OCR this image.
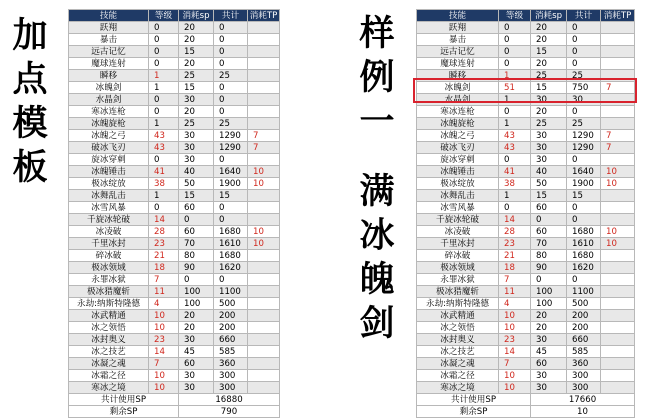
加
点
模
板
样
例
一
满
冰
魄
剑
技能	等级	消耗sp	共计	消耗TP
跃翔	0	20	0	
暴击	0	20	0	
远古记忆	0	15	0	
魔球连射	0	20	0	
瞬移	1	25	25	
冰魄剑	1	15	0	
水晶剑	0	30	0	
寒冰连枪	0	20	0	
冰魄旋枪	1	25	25	
冰魄之弓	43	30	1290	7
破冰飞刃	43	30	1290	7
旋冰穿刺	0	30	0	
冰魄锤击	41	40	1640	10
极冰绽放	38	50	1900	10
冰舞乱击	1	15	15	
冰雪风暴	0	60	0	
千旋冰轮破	14	0	0	
冰凌破	28	60	1680	10
千里冰封	23	70	1610	10
碎冰破	21	80	1680	
极冰领域	18	90	1620	
永罪冰狱	7	0	0	
极冰猎魔斩	11	100	1100	
永劫:纳斯特隆德	4	100	500	
冰武精通	10	20	200	
冰之领悟	10	20	200	
冰封奥义	23	30	660	
冰之技艺	14	45	585	
冰凝之魂	7	60	360	
冰霜之径	10	30	300	
寒冰之境	10	30	300	
共计使用SP		16880		
剩余SP		790		
技能	等级	消耗sp	共计	消耗TP
跃翔	0	20	0	
暴击	0	20	0	
远古记忆	0	15	0	
魔球连射	0	20	0	
瞬移	1	25	25	
冰魄剑	51	15	750	7
水晶剑	1	30	30	
寒冰连枪	0	20	0	
冰魄旋枪	1	25	25	
冰魄之弓	43	30	1290	7
破冰飞刃	43	30	1290	7
旋冰穿刺	0	30	0	
冰魄锤击	41	40	1640	10
极冰绽放	38	50	1900	10
冰舞乱击	1	15	15	
冰雪风暴	0	60	0	
千旋冰轮破	14	0	0	
冰凌破	28	60	1680	10
千里冰封	23	70	1610	10
碎冰破	21	80	1680	
极冰领域	18	90	1620	
永罪冰狱	7	0	0	
极冰猎魔斩	11	100	1100	
永劫:纳斯特隆德	4	100	500	
冰武精通	10	20	200	
冰之领悟	10	20	200	
冰封奥义	23	30	660	
冰之技艺	14	45	585	
冰凝之魂	7	60	360	
冰霜之径	10	30	300	
寒冰之境	10	30	300	
共计使用SP		17660		
剩余SP		10		
